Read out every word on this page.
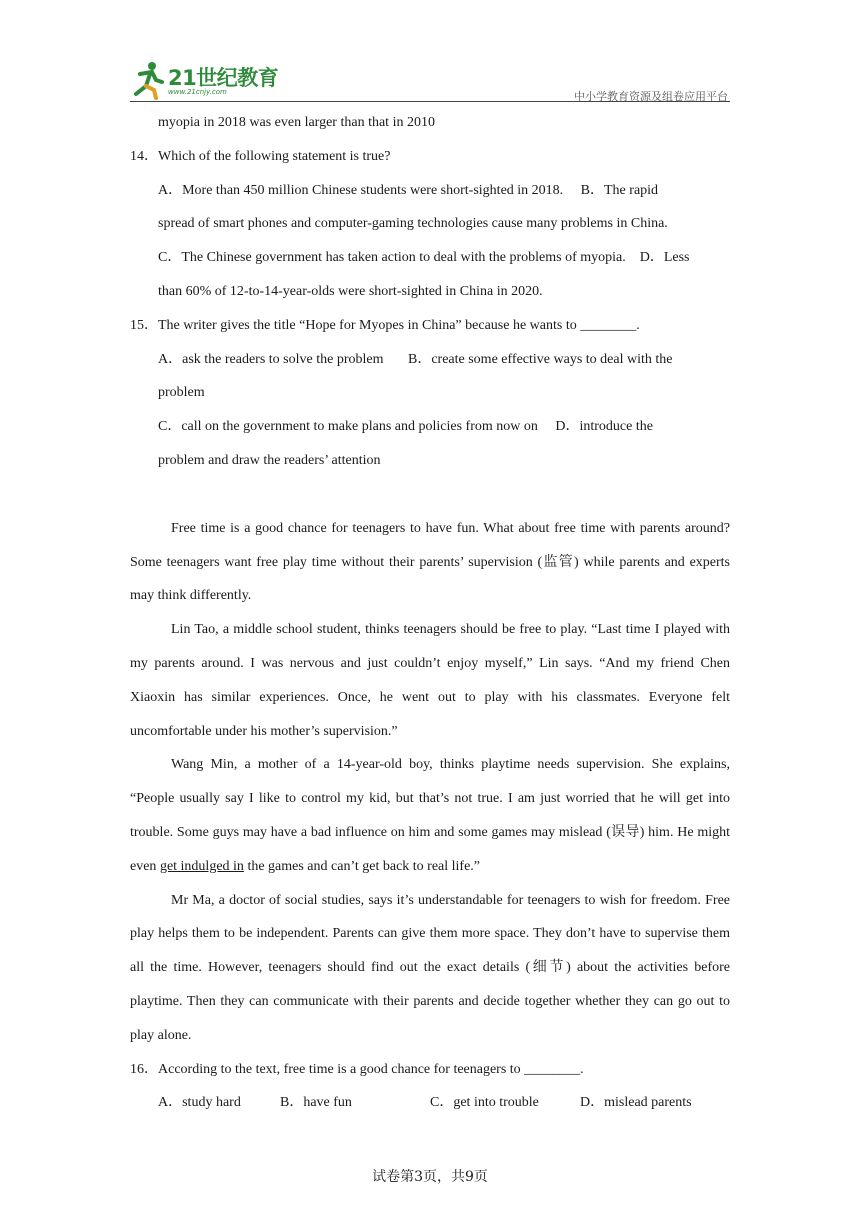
21世纪教育
www.21cnjy.com	中小学教育资源及组卷应用平台
myopia in 2018 was even larger than that in 2010
14．Which of the following statement is true?
A．More than 450 million Chinese students were short-sighted in 2018.     B．The rapid
spread of smart phones and computer-gaming technologies cause many problems in China.
C．The Chinese government has taken action to deal with the problems of myopia.    D．Less
than 60% of 12-to-14-year-olds were short-sighted in China in 2020.
15．The writer gives the title “Hope for Myopes in China” because he wants to ________.
A．ask the readers to solve the problem       B．create some effective ways to deal with the
problem
C．call on the government to make plans and policies from now on     D．introduce the
problem and draw the readers’ attention

Free time is a good chance for teenagers to have fun. What about free time with parents around? Some teenagers want free play time without their parents’ supervision (监管) while parents and experts may think differently.

Lin Tao, a middle school student, thinks teenagers should be free to play. “Last time I played with my parents around. I was nervous and just couldn’t enjoy myself,” Lin says. “And my friend Chen Xiaoxin has similar experiences. Once, he went out to play with his classmates. Everyone felt uncomfortable under his mother’s supervision.”

Wang Min, a mother of a 14-year-old boy, thinks playtime needs supervision. She explains, “People usually say I like to control my kid, but that’s not true. I am just worried that he will get into trouble. Some guys may have a bad influence on him and some games may mislead (误导) him. He might even get indulged in the games and can’t get back to real life.”

Mr Ma, a doctor of social studies, says it’s understandable for teenagers to wish for freedom. Free play helps them to be independent. Parents can give them more space. They don’t have to supervise them all the time. However, teenagers should find out the exact details (细节) about the activities before playtime. Then they can communicate with their parents and decide together whether they can go out to play alone.

16．According to the text, free time is a good chance for teenagers to ________.
A．study hard	B．have fun	C．get into trouble	D．mislead parents
试卷第3页，共9页
